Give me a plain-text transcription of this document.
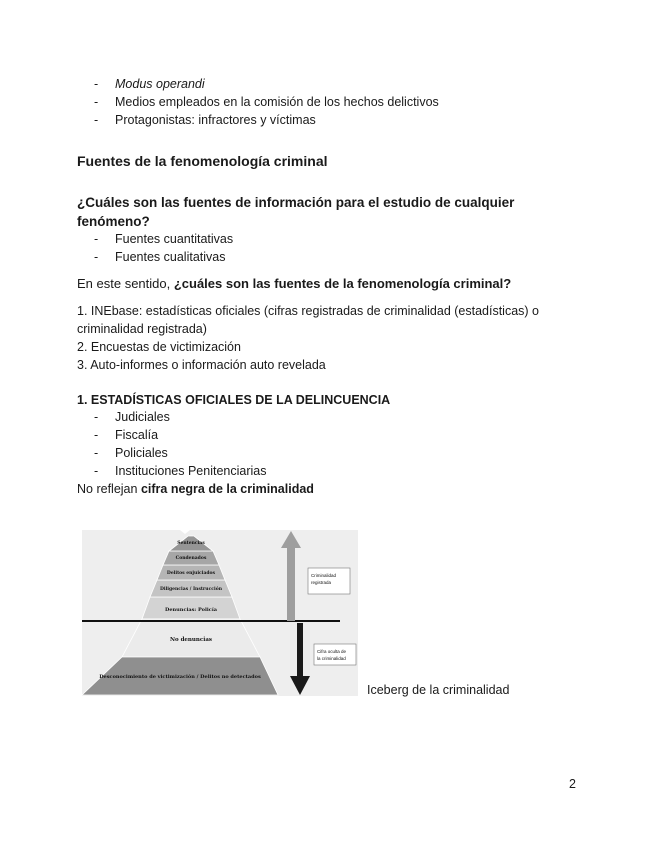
- Modus operandi
- Medios empleados en la comisión de los hechos delictivos
- Protagonistas: infractores y víctimas
Fuentes de la fenomenología criminal
¿Cuáles son las fuentes de información para el estudio de cualquier fenómeno?
- Fuentes cuantitativas
- Fuentes cualitativas
En este sentido, ¿cuáles son las fuentes de la fenomenología criminal?
1. INEbase: estadísticas oficiales (cifras registradas de criminalidad (estadísticas) o
criminalidad registrada)
2. Encuestas de victimización
3. Auto-informes o información auto revelada
1. ESTADÍSTICAS OFICIALES DE LA DELINCUENCIA
- Judiciales
- Fiscalía
- Policiales
- Instituciones Penitenciarias
No reflejan cifra negra de la criminalidad
Sentencias
Condenados
Delitos enjuiciados
Diligencias / Instrucción
Denuncias: Policía
No denuncias
Desconocimiento de victimización / Delitos no detectados
Criminalidad
registrada
Cifra oculta de
la criminalidad
Iceberg de la criminalidad
2
